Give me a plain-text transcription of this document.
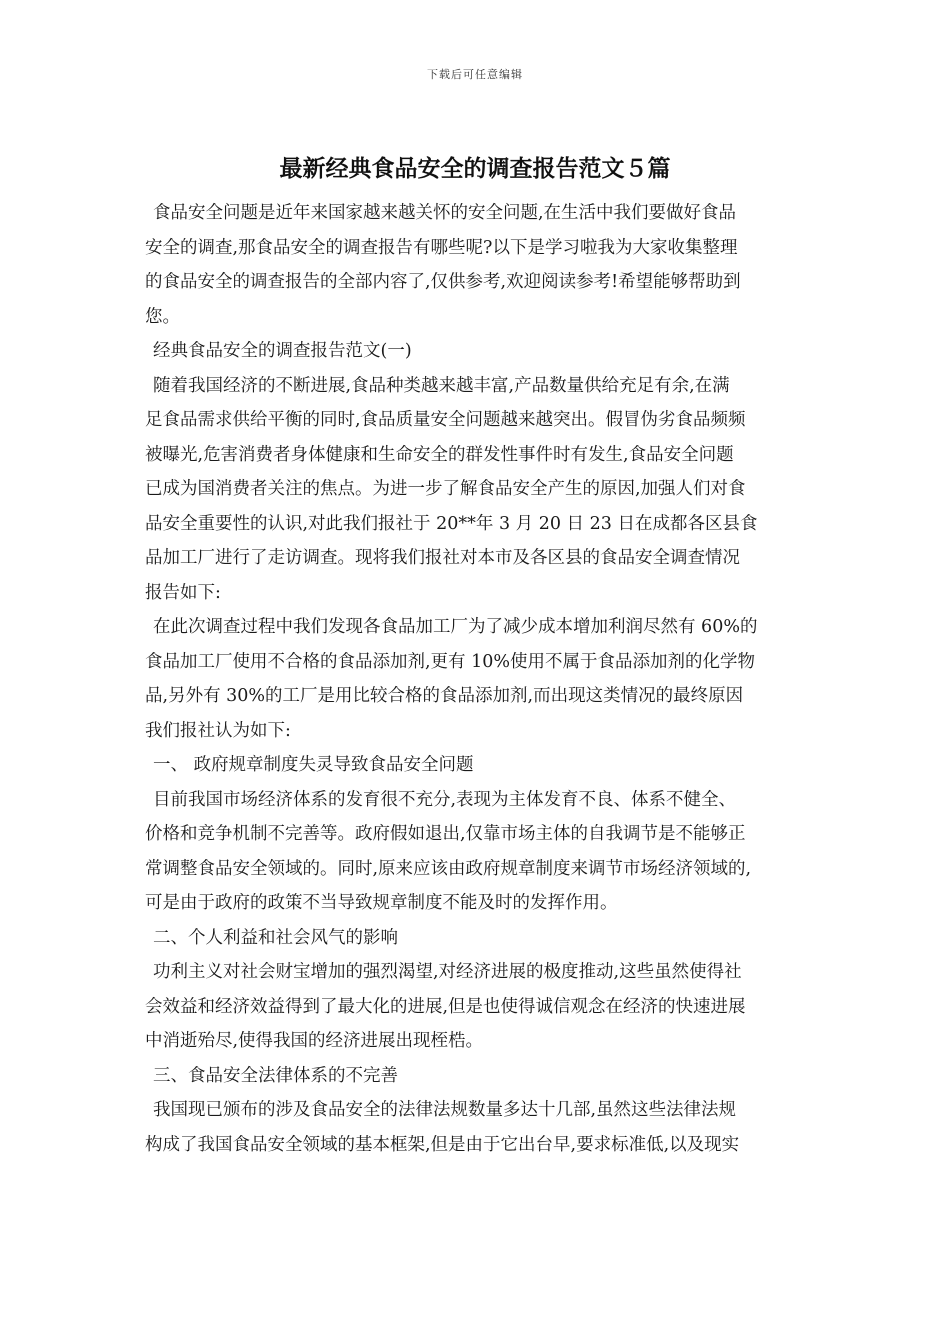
下载后可任意编辑
最新经典食品安全的调查报告范文５篇
食品安全问题是近年来国家越来越关怀的安全问题,在生活中我们要做好食品
安全的调查,那食品安全的调查报告有哪些呢?以下是学习啦我为大家收集整理
的食品安全的调查报告的全部内容了,仅供参考,欢迎阅读参考!希望能够帮助到
您。
经典食品安全的调查报告范文(一)
随着我国经济的不断进展,食品种类越来越丰富,产品数量供给充足有余,在满
足食品需求供给平衡的同时,食品质量安全问题越来越突出。假冒伪劣食品频频
被曝光,危害消费者身体健康和生命安全的群发性事件时有发生,食品安全问题
已成为国消费者关注的焦点。为进一步了解食品安全产生的原因,加强人们对食
品安全重要性的认识,对此我们报社于 20**年 3 月 20 日 23 日在成都各区县食
品加工厂进行了走访调查。现将我们报社对本市及各区县的食品安全调查情况
报告如下:
在此次调查过程中我们发现各食品加工厂为了减少成本增加利润尽然有 60%的
食品加工厂使用不合格的食品添加剂,更有 10%使用不属于食品添加剂的化学物
品,另外有 30%的工厂是用比较合格的食品添加剂,而出现这类情况的最终原因
我们报社认为如下:
一、 政府规章制度失灵导致食品安全问题
目前我国市场经济体系的发育很不充分,表现为主体发育不良、体系不健全、
价格和竞争机制不完善等。政府假如退出,仅靠市场主体的自我调节是不能够正
常调整食品安全领域的。同时,原来应该由政府规章制度来调节市场经济领域的,
可是由于政府的政策不当导致规章制度不能及时的发挥作用。
二、个人利益和社会风气的影响
功利主义对社会财宝增加的强烈渴望,对经济进展的极度推动,这些虽然使得社
会效益和经济效益得到了最大化的进展,但是也使得诚信观念在经济的快速进展
中消逝殆尽,使得我国的经济进展出现桎梏。
三、食品安全法律体系的不完善
我国现已颁布的涉及食品安全的法律法规数量多达十几部,虽然这些法律法规
构成了我国食品安全领域的基本框架,但是由于它出台早,要求标准低,以及现实
